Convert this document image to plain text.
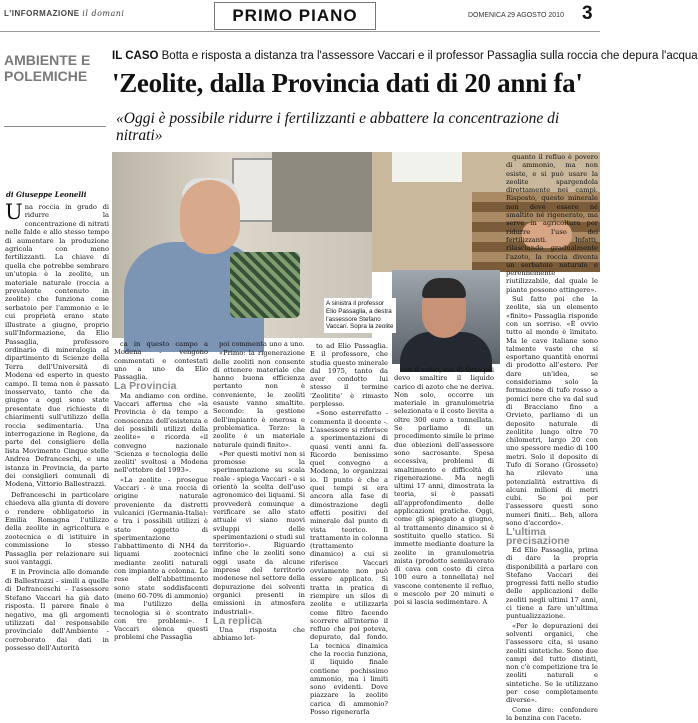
L'INFORMAZIONE il domani	PRIMO PIANO	DOMENICA 29 AGOSTO 2010 3
AMBIENTE E POLEMICHE
di Giuseppe Leonelli

Una roccia in grado di ridurre la concentrazione di nitrati nelle falde e allo stesso tempo di aumentare la produzione agricola con meno fertilizzanti. La chiave di quella che potrebbe sembrare un'utopia è la zeolite, un materiale naturale (roccia a prevalente contenuto in zeolite) che funziona come serbatoio per l'ammonio e le cui proprietà erano state illustrate a giugno, proprio sull'Informazione, da Elio Passaglia, professore ordinario di mineralogia al dipartimento di Scienze della Terra dell'Università di Modena ed esperto in questo campo. Il tema non è passato inosservato, tanto che da giugno a oggi sono state presentate due richieste di chiarimenti sull'utilizzo della roccia sedimentaria. Una interrogazione in Regione, da parte del consigliere della lista Movimento Cinque stelle Andrea Defranceschi, e una istanza in Provincia, da parte dei consiglieri comunali di Modena, Vittorio Ballestrazzi.

Defranceschi in particolare chiedeva alla giunta di dovere o rendere obbligatorio in Emilia Romagna l'utilizzo della zeolite in agricoltura e zootecnica e di istituire in commissione lo stesso Passaglia per relazionare sui suoi vantaggi.

E in Provincia alle domande di Ballestrazzi - simili a quelle di Defranceschi - l'assessore Stefano Vaccari ha già dato risposta. Il parere finale è negativo, ma gli argomenti utilizzati dal responsabile provinciale dell'Ambiente - corroborato dai dati in possesso dell'Autorità

IL CASO Botta e risposta a distanza tra l'assessore Vaccari e il professor Passaglia sulla roccia che depura l'acqua
'Zeolite, dalla Provincia dati di 20 anni fa'
«Oggi è possibile ridurre i fertilizzanti e abbattere la concentrazione di nitrati»
A sinistra il professor Elio Passaglia, a destra l'assessore Stefano Vaccari. Sopra la zeolite

ca in questo campo a Modena - vengono commentati e contestati uno a uno da Elio Passaglia.

La Provincia

Ma andiamo con ordine. Vaccari afferma che «la Provincia è da tempo a conoscenza dell'esistenza e dei possibili utilizzi della zeolite» e ricorda «il convegno nazionale 'Scienza e tecnologia delle zeoliti' svoltosi a Modena nell'ottobre del 1993».

«La zeolite - prosegue Vaccari - è una roccia di origine naturale proveniente da distretti vulcanici (Germania-Italia): e tra i possibili utilizzi è stato oggetto di sperimentazione l'abbattimento di NH4 da liquami zootecnici mediante zeoliti naturali con impianto a colonna. Le rese dell'abbattimento sono state soddisfacenti (meno 60-70% di ammonio) ma l'utilizzo della tecnologia si è scontrato con tre problemi». I Vaccari elenca questi problemi che Passaglia

poi commenta uno a uno.

«Primo: la rigenerazione delle zeoliti non consente di ottenere materiale che hanno buona efficienza pertanto non è conveniente, le zeoliti esauste vanno smaltite. Secondo: la gestione dell'impianto è onerosa e problematica. Terzo: la zeolite è un materiale naturale quindi finito».

«Per questi motivi non si promosse la sperimentazione su scala reale - spiega Vaccari - e si orientò la scelta dell'uso agronomico dei liquami. Si provvederà comunque a verificare se allo stato attuale vi siano nuovi sviluppi delle sperimentazioni o studi sul territorio». Riguardo infine che le zeoliti sono oggi usate da alcune imprese del territorio modenese nel settore della depurazione dei solventi organici presenti in emissioni in atmosfera industriali».

La replica

Una risposta che abbiamo let-

to ad Elio Passaglia. E il professore, che studia questo minerale dal 1975, tanto da aver condotto lui stesso il termine 'Zeolitite' è rimasto perplesso.

«Sono esterrefatto - commenta il docente -. L'assessore si riferisce a sperimentazioni di quasi venti anni fa. Ricordo benissimo quel convegno a Modena, lo organizzai io. Il punto è che a quei tempi si era ancora alla fase di dimostrazione degli effetti positivi del minerale dal punto di vista teorico. Il trattamento in colonna (trattamento dinamico) a cui si riferisce Vaccari ovviamente non può essere applicato. Si tratta in pratica di riempire un silos di zeolite e utilizzarla come filtro facendo scorrere all'interno il refluo che poi poteva, depurato, dal fondo. La tecnica dinamica che la roccia funziona, il liquido finale contiene pochissimo ammonio, ma i limiti sono evidenti. Dove piazzare la zeolite carica di ammonio? Posso rigenerarla

con il sodio, ma di fatto poi devo smaltire il liquido carico di azoto che ne deriva. Non solo, occorre un materiale in granulometria selezionata e il costo lievita a oltre 300 euro a tonnellata. Se parliamo di un procedimento simile le prime due obiezioni dell'assessore sono sacrosante. Spesa eccessiva, problemi di smaltimento e difficoltà di rigenerazione. Ma negli ultimi 17 anni, dimostrata la teoria, si è passati all'approfondimento delle applicazioni pratiche. Oggi, come gli spiegato a giugno, al trattamento dinamico si è sostituito quello statico. Si immette mediante doature la zeolite in granulometria mista (prodotto semilavorato di cava con costo di circa 100 euro a tonnellata) nel vascone contenente il refluo, e mescolo per 20 minuti e poi si lascia sedimentare. A

quanto il refluo è povero di ammonio, ma non esiste, e si può usare la zeolite spargendola direttamente nei campi. Risposto, questo minerale non deve essere né smaltito né rigenerato, ma serve in agricoltura per ridurre l'uso dei fertilizzanti. Infatti, rilasciando gradualmente l'azoto, la roccia diventa un serbatoio naturale e perennemente riutilizzabile, dal quale le piante possono attingere».

Sul fatto poi che la zeolite, sia un elemento «finito» Passaglia risponde con un sorriso. «È ovvio tutto al mondo è limitato. Ma le cave italiane sono talmente vaste che si esportano quantità enormi di prodotto all'estero. Per dare un'idea, se consideriamo solo la formazione di tufo rosso a pomici nere che va dal sud di Bracciano fino a Orvieto, parliamo di un deposito naturale di zeolitite lungo oltre 70 chilometri, largo 20 con uno spessore medio di 100 metri. Solo il deposito di Tufo di Sorano (Grosseto) ha rilevato una potenzialità estrattiva di alcuni milioni di metri cubi. Se poi per l'assessore questi sono numeri finiti... Beh, allora sono d'accordo».

L'ultima precisazione

Ed Elio Passaglia, prima di dare la propria disponibilità a parlare con Stefano Vaccari dei progressi fatti nello studio delle applicazioni delle zeoliti negli ultimi 17 anni, ci tiene a fare un'ultima puntualizzazione.

«Per le depurazioni dei solventi organici, che l'assessore cita, si usano zeoliti sintetiche. Sono due campi del tutto distinti, non c'è competizione tra le zeoliti naturali e sintetiche. Se le utilizzano per cose completamente diverse».

Come dire: confondere la benzina con l'aceto.
